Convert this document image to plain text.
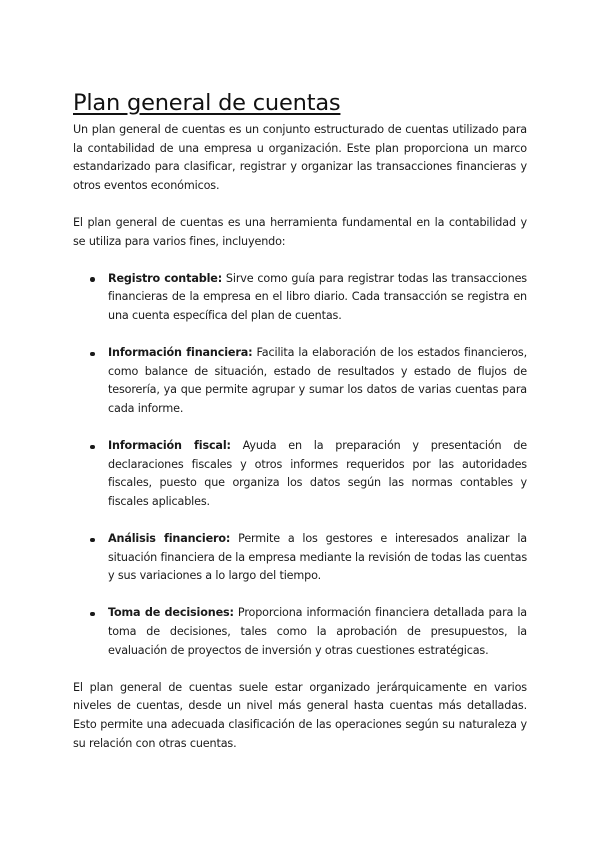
Plan general de cuentas

Un plan general de cuentas es un conjunto estructurado de cuentas utilizado para la contabilidad de una empresa u organización. Este plan proporciona un marco estandarizado para clasificar, registrar y organizar las transacciones financieras y otros eventos económicos.

El plan general de cuentas es una herramienta fundamental en la contabilidad y se utiliza para varios fines, incluyendo:

Registro contable: Sirve como guía para registrar todas las transacciones financieras de la empresa en el libro diario. Cada transacción se registra en una cuenta específica del plan de cuentas.
Información financiera: Facilita la elaboración de los estados financieros, como balance de situación, estado de resultados y estado de flujos de tesorería, ya que permite agrupar y sumar los datos de varias cuentas para cada informe.
Información fiscal: Ayuda en la preparación y presentación de declaraciones fiscales y otros informes requeridos por las autoridades fiscales, puesto que organiza los datos según las normas contables y fiscales aplicables.
Análisis financiero: Permite a los gestores e interesados analizar la situación financiera de la empresa mediante la revisión de todas las cuentas y sus variaciones a lo largo del tiempo.
Toma de decisiones: Proporciona información financiera detallada para la toma de decisiones, tales como la aprobación de presupuestos, la evaluación de proyectos de inversión y otras cuestiones estratégicas.

El plan general de cuentas suele estar organizado jerárquicamente en varios niveles de cuentas, desde un nivel más general hasta cuentas más detalladas. Esto permite una adecuada clasificación de las operaciones según su naturaleza y su relación con otras cuentas.
